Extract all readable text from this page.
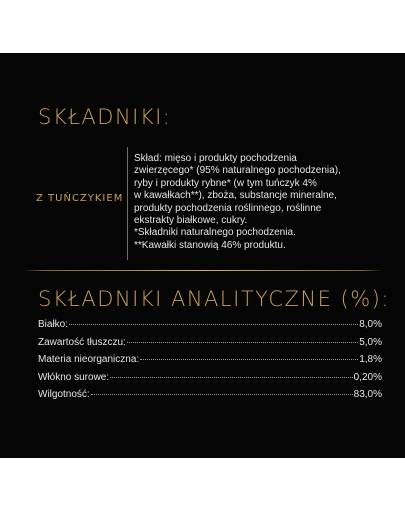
SKŁADNIKI:
Z TUŃCZYKIEM
Skład: mięso i produkty pochodzenia
zwierzęcego* (95% naturalnego pochodzenia),
ryby i produkty rybne* (w tym tuńczyk 4%
w kawałkach**), zboża, substancje mineralne,
produkty pochodzenia roślinnego, roślinne
ekstrakty białkowe, cukry.
*Składniki naturalnego pochodzenia.
**Kawałki stanowią 46% produktu.
SKŁADNIKI ANALITYCZNE (%):
Białko:	8,0%
Zawartość tłuszczu:	5,0%
Materia nieorganiczna:	1,8%
Włókno surowe:	0,20%
Wilgotność:	83,0%
